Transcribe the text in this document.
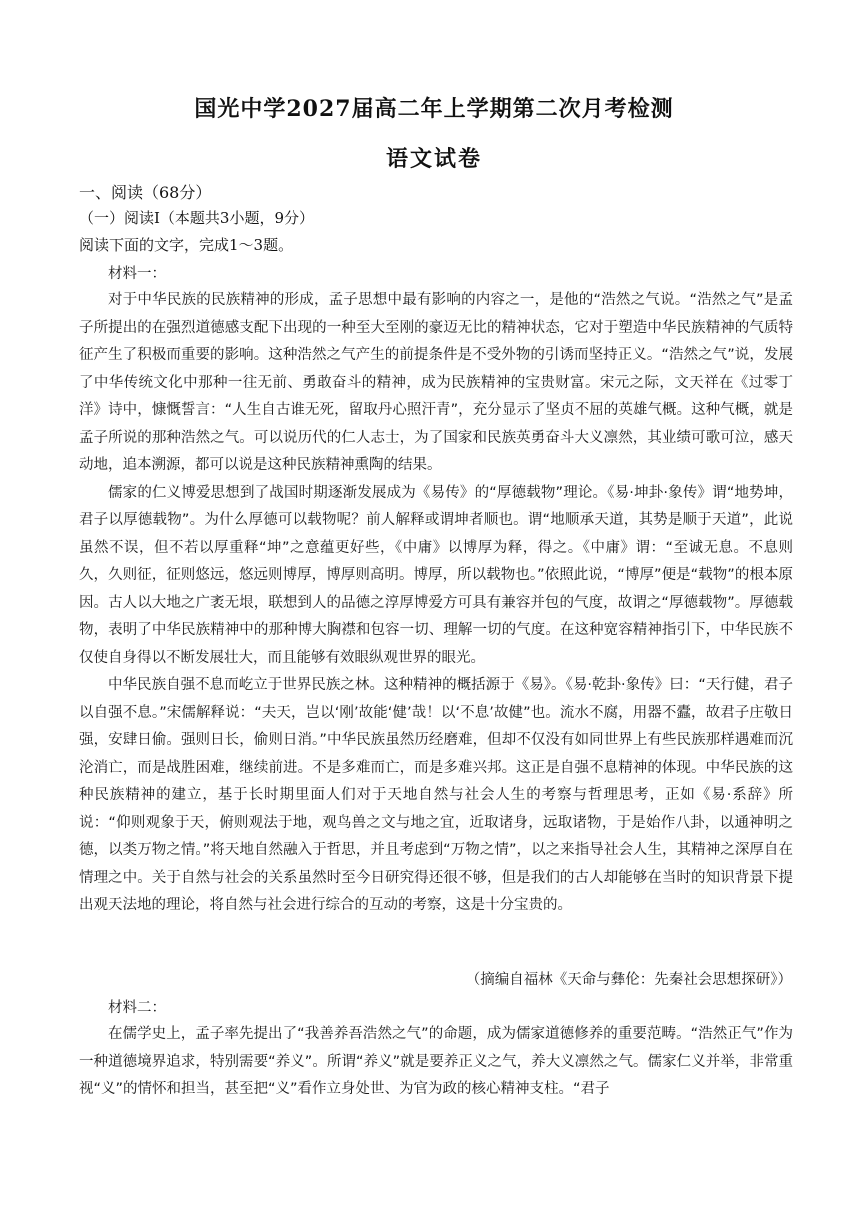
国光中学2027届高二年上学期第二次月考检测
语文试卷

一、阅读（68分）

（一）阅读Ⅰ（本题共3小题，9分）

阅读下面的文字，完成1～3题。

材料一：

对于中华民族的民族精神的形成，孟子思想中最有影响的内容之一，是他的“浩然之气说。“浩然之气”是孟子所提出的在强烈道德感支配下出现的一种至大至刚的豪迈无比的精神状态，它对于塑造中华民族精神的气质特征产生了积极而重要的影响。这种浩然之气产生的前提条件是不受外物的引诱而坚持正义。“浩然之气”说，发展了中华传统文化中那种一往无前、勇敢奋斗的精神，成为民族精神的宝贵财富。宋元之际，文天祥在《过零丁洋》诗中，慷慨誓言：“人生自古谁无死，留取丹心照汗青”，充分显示了坚贞不屈的英雄气概。这种气概，就是孟子所说的那种浩然之气。可以说历代的仁人志士，为了国家和民族英勇奋斗大义凛然，其业绩可歌可泣，感天动地，追本溯源，都可以说是这种民族精神熏陶的结果。

儒家的仁义博爱思想到了战国时期逐渐发展成为《易传》的“厚德载物”理论。《易·坤卦·象传》谓“地势坤，君子以厚德载物”。为什么厚德可以载物呢？前人解释或谓坤者顺也。谓“地顺承天道，其势是顺于天道”，此说虽然不误，但不若以厚重释“坤”之意蕴更好些，《中庸》以博厚为释，得之。《中庸》谓：“至诚无息。不息则久，久则征，征则悠远，悠远则博厚，博厚则高明。博厚，所以载物也。”依照此说，“博厚”便是“载物”的根本原因。古人以大地之广袤无垠，联想到人的品德之淳厚博爱方可具有兼容并包的气度，故谓之“厚德载物”。厚德载物，表明了中华民族精神中的那种博大胸襟和包容一切、理解一切的气度。在这种宽容精神指引下，中华民族不仅使自身得以不断发展壮大，而且能够有效眼纵观世界的眼光。

中华民族自强不息而屹立于世界民族之林。这种精神的概括源于《易》。《易·乾卦·象传》曰：“天行健，君子以自强不息。”宋儒解释说：“夫天，岂以‘刚’故能‘健’哉！以‘不息’故健”也。流水不腐，用器不蠹，故君子庄敬日强，安肆日偷。强则日长，偷则日消。”中华民族虽然历经磨难，但却不仅没有如同世界上有些民族那样遇难而沉沦消亡，而是战胜困难，继续前进。不是多难而亡，而是多难兴邦。这正是自强不息精神的体现。中华民族的这种民族精神的建立，基于长时期里面人们对于天地自然与社会人生的考察与哲理思考，正如《易·系辞》所说：“仰则观象于天，俯则观法于地，观鸟兽之文与地之宜，近取诸身，远取诸物，于是始作八卦，以通神明之德，以类万物之情。”将天地自然融入于哲思，并且考虑到“万物之情”，以之来指导社会人生，其精神之深厚自在情理之中。关于自然与社会的关系虽然时至今日研究得还很不够，但是我们的古人却能够在当时的知识背景下提出观天法地的理论，将自然与社会进行综合的互动的考察，这是十分宝贵的。

（摘编自福林《天命与彝伦：先秦社会思想探研》）
材料二：

在儒学史上，孟子率先提出了“我善养吾浩然之气”的命题，成为儒家道德修养的重要范畴。“浩然正气”作为一种道德境界追求，特别需要“养义”。所谓“养义”就是要养正义之气，养大义凛然之气。儒家仁义并举，非常重视“义”的情怀和担当，甚至把“义”看作立身处世、为官为政的核心精神支柱。“君子
